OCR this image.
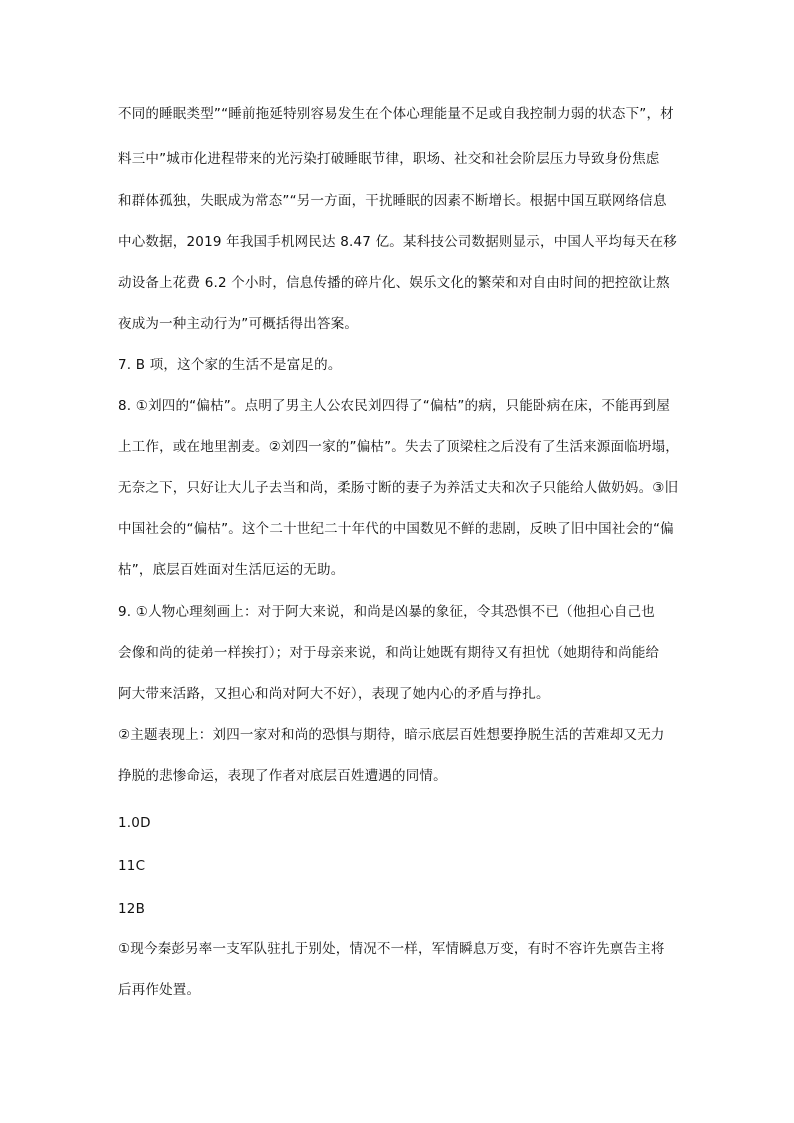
不同的睡眠类型”“睡前拖延特别容易发生在个体心理能量不足或自我控制力弱的状态下”，材
料三中”城市化进程带来的光污染打破睡眠节律，职场、社交和社会阶层压力导致身份焦虑
和群体孤独，失眠成为常态”“另一方面，干扰睡眠的因素不断增长。根据中国互联网络信息
中心数据，2019 年我国手机网民达 8.47 亿。某科技公司数据则显示，中国人平均每天在移
动设备上花费 6.2 个小时，信息传播的碎片化、娱乐文化的繁荣和对自由时间的把控欲让熬
夜成为一种主动行为”可概括得出答案。
7. B 项，这个家的生活不是富足的。
8. ①刘四的“偏枯”。点明了男主人公农民刘四得了“偏枯”的病，只能卧病在床，不能再到屋
上工作，或在地里割麦。②刘四一家的”偏枯”。失去了顶梁柱之后没有了生活来源面临坍塌，
无奈之下，只好让大儿子去当和尚，柔肠寸断的妻子为养活丈夫和次子只能给人做奶妈。③旧
中国社会的“偏枯”。这个二十世纪二十年代的中国数见不鲜的悲剧，反映了旧中国社会的“偏
枯”，底层百姓面对生活厄运的无助。
9. ①人物心理刻画上：对于阿大来说，和尚是凶暴的象征，令其恐惧不已（他担心自己也
会像和尚的徒弟一样挨打）；对于母亲来说，和尚让她既有期待又有担忧（她期待和尚能给
阿大带来活路，又担心和尚对阿大不好），表现了她内心的矛盾与挣扎。
②主题表现上：刘四一家对和尚的恐惧与期待，暗示底层百姓想要挣脱生活的苦难却又无力
挣脱的悲惨命运，表现了作者对底层百姓遭遇的同情。
1.0D
11C
12B
①现今秦彭另率一支军队驻扎于别处，情况不一样，军情瞬息万变，有时不容许先禀告主将
后再作处置。
